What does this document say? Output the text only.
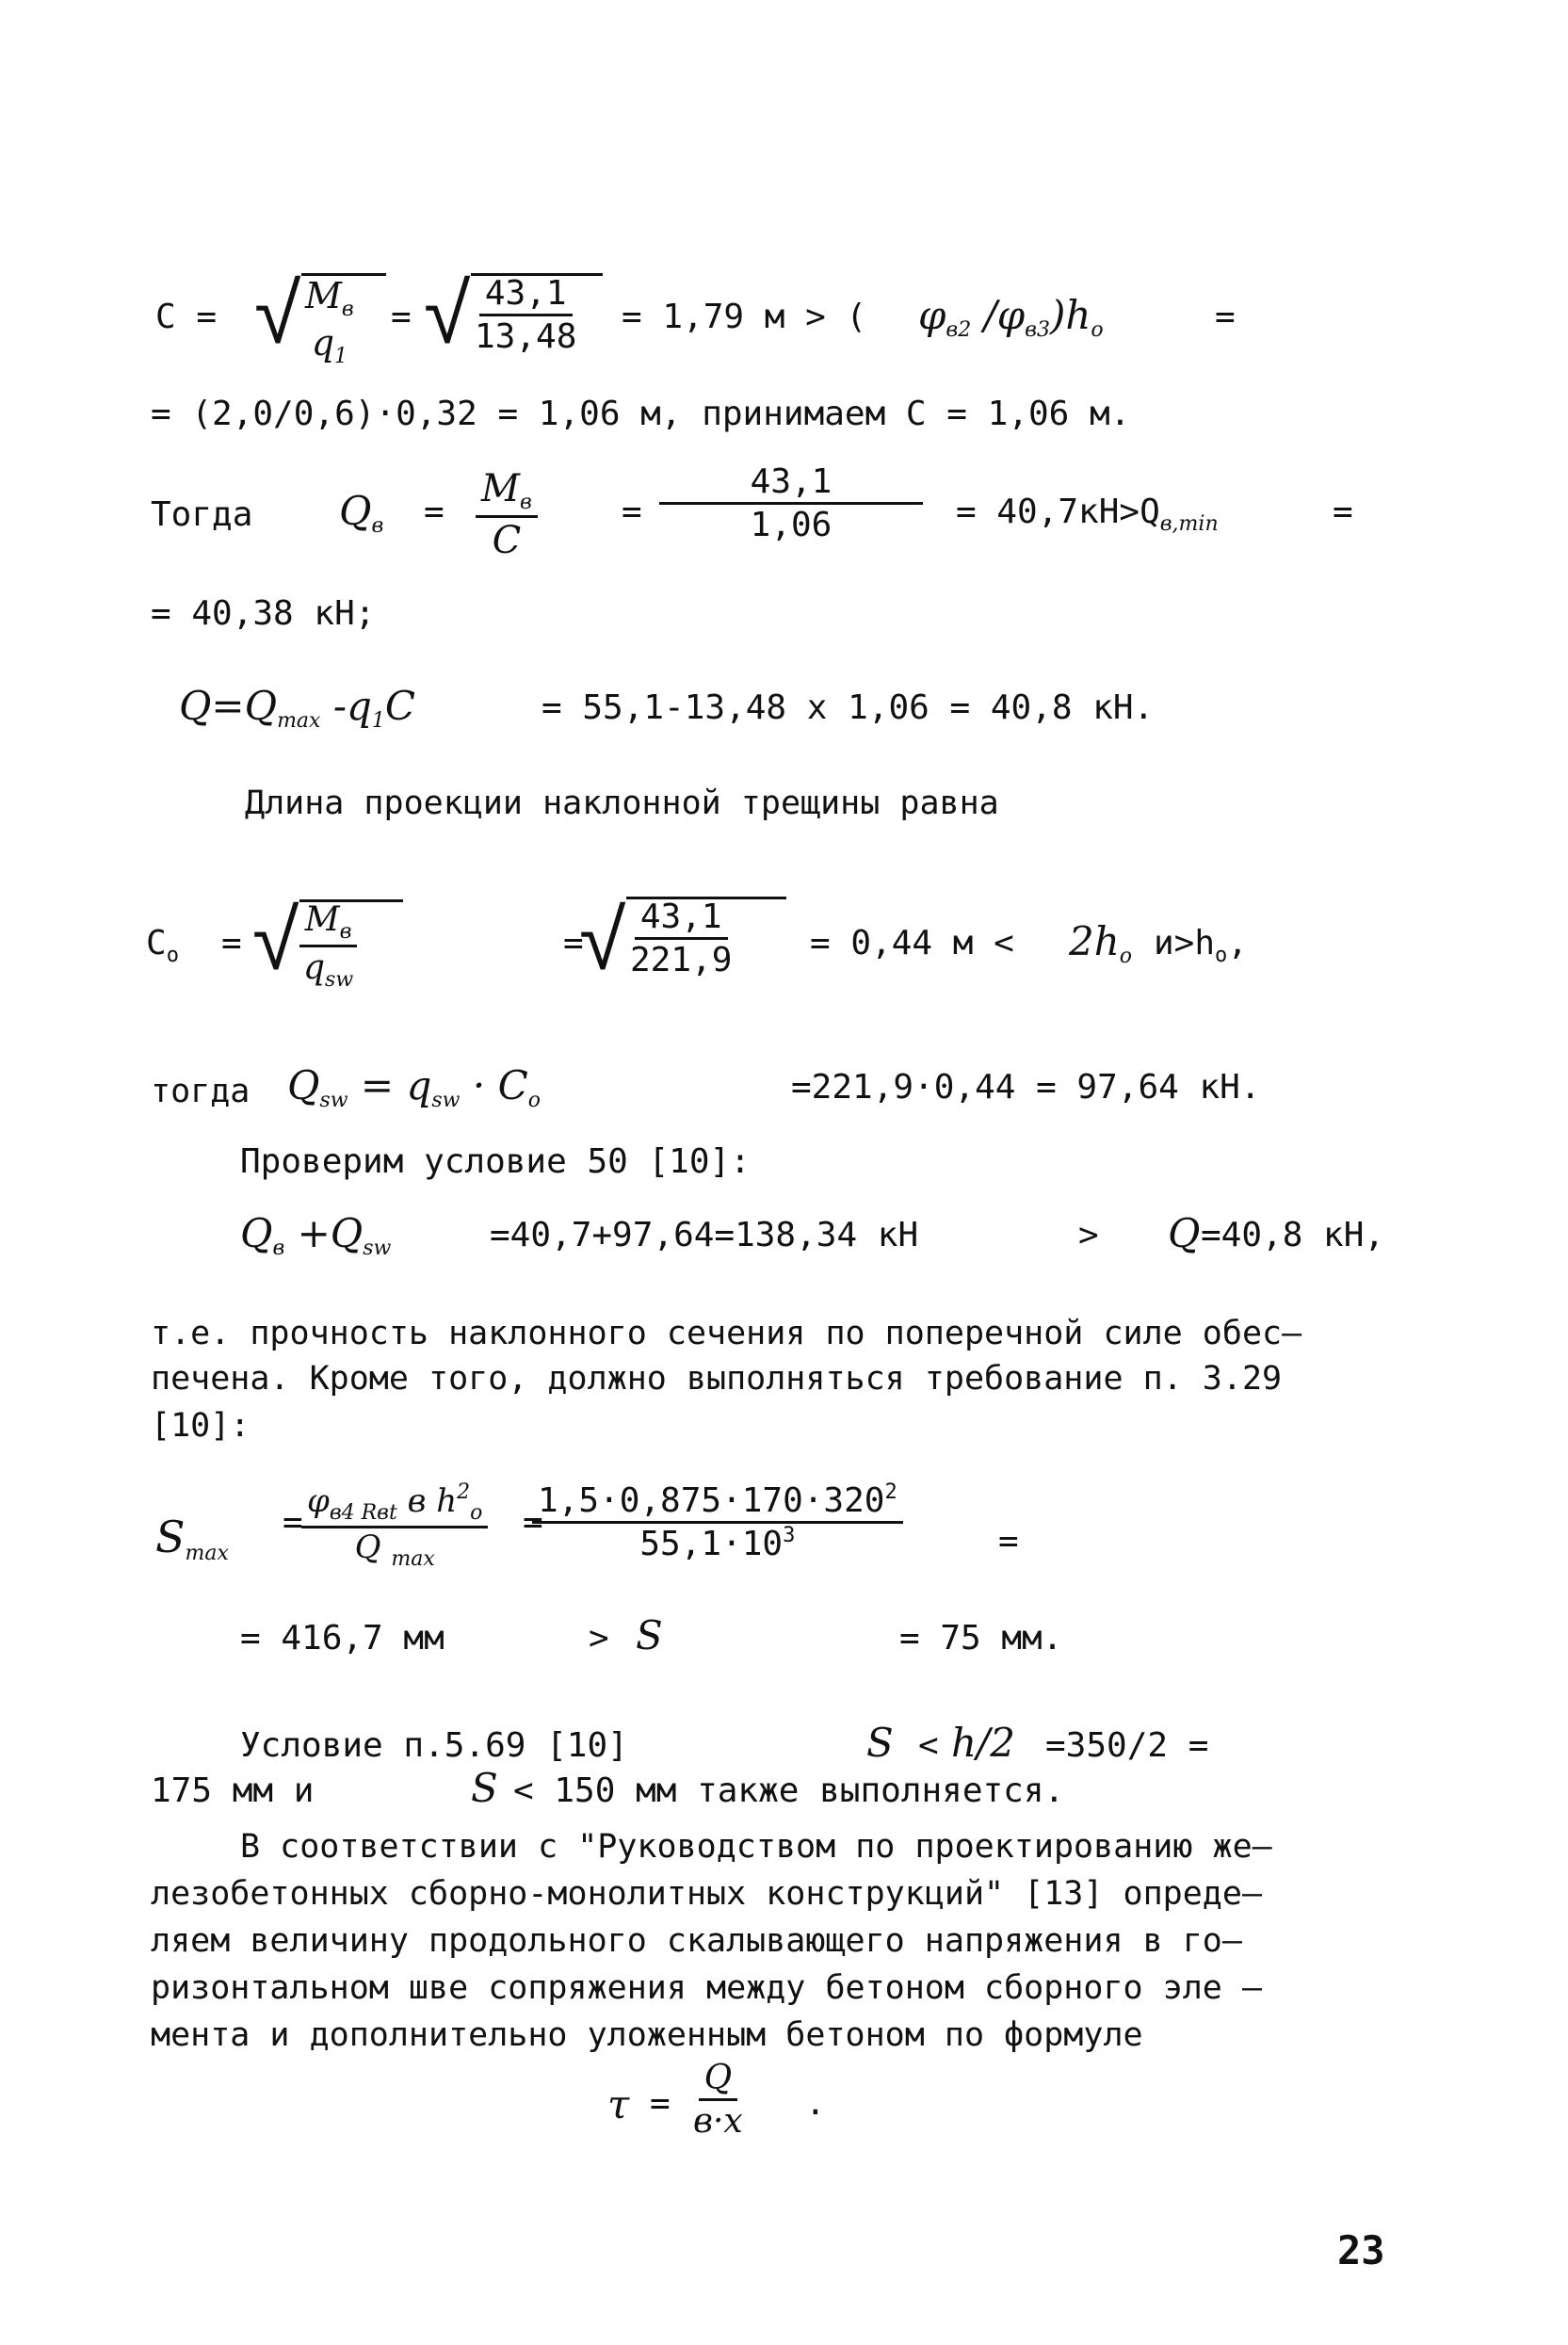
C = √ $M_в$
$q_1$
= √
$\frac{43,1}{13,48} = 1,79$ м > ( $\varphi_{в2}$ $/\varphi_{в3})h_o$	=
= (2,0/0,6)·0,32 = 1,06 м, принимаем С = 1,06 м.
Тогда $Q_в$ =
$M_в$
C
= $\frac{43,1}{1,06} = 40,7кН>Q_{в,min}$	=
= 40,38 кН;
$Q=Q_{max}$ $-q_1C$	= 55,1-13,48 х 1,06 = 40,8 кН.
Длина проекции наклонной трещины равна
$C_o$ = √ $M_в$
$q_{sw}$
=
√
$\frac{43,1}{221,9} = 0,44$ $м < 2h_o$ $и>h_o$,
тогда $Q_{sw} = q_{sw} \cdot C_o$	=221,9·0,44 = 97,64 кН.
Проверим условие 50 [10]:
$Q_в +Q_{sw}$	=40,7+97,64=138,34 кН	> Q =40,8 кН,
т.е. прочность наклонного сечения по поперечной силе обес–
печена. Кроме того, должно выполняться требование п. 3.29
[10]:
$S_{max}$
=
$\varphi_{в4 Rвt}$ в $h^2_o$
Q $_{max}$
=
$\frac{1,5\cdot 0,875\cdot 170\cdot 320^2}{55,1\cdot 10^3}$	=
= 416,7 мм	> S	= 75 мм.
Условие п.5.69 [10]	S < h/2 =350/2 =
175 мм и	S < 150 мм также выполняется.
В соответствии с "Руководством по проектированию же–
лезобетонных сборно-монолитных конструкций" [13] опреде–
ляем величину продольного скалывающего напряжения в го–
ризонтальном шве сопряжения между бетоном сборного эле –
мента и дополнительно уложенным бетоном по формуле
τ =
Q
в·x .
23
